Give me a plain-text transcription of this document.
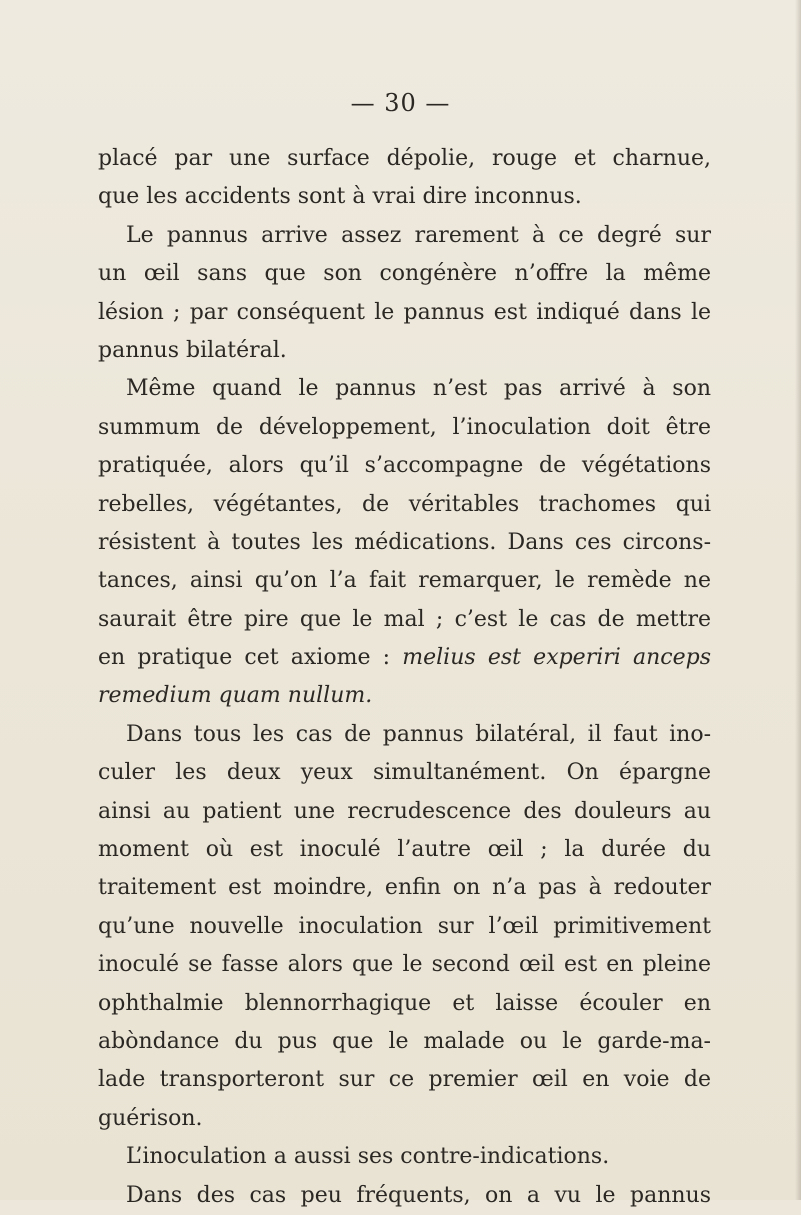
— 30 —
placé par une surface dépolie, rouge et charnue,
que les accidents sont à vrai dire inconnus.
Le pannus arrive assez rarement à ce degré sur
un œil sans que son congénère n’offre la même
lésion ; par conséquent le pannus est indiqué dans le
pannus bilatéral.
Même quand le pannus n’est pas arrivé à son
summum de développement, l’inoculation doit être
pratiquée, alors qu’il s’accompagne de végétations
rebelles, végétantes, de véritables trachomes qui
résistent à toutes les médications. Dans ces circons-
tances, ainsi qu’on l’a fait remarquer, le remède ne
saurait être pire que le mal ; c’est le cas de mettre
en pratique cet axiome : melius est experiri anceps
remedium quam nullum.
Dans tous les cas de pannus bilatéral, il faut ino-
culer les deux yeux simultanément. On épargne
ainsi au patient une recrudescence des douleurs au
moment où est inoculé l’autre œil ; la durée du
traitement est moindre, enfin on n’a pas à redouter
qu’une nouvelle inoculation sur l’œil primitivement
inoculé se fasse alors que le second œil est en pleine
ophthalmie blennorrhagique et laisse écouler en
abòndance du pus que le malade ou le garde-ma-
lade transporteront sur ce premier œil en voie de
guérison.
L’inoculation a aussi ses contre-indications.
Dans des cas peu fréquents, on a vu le pannus
